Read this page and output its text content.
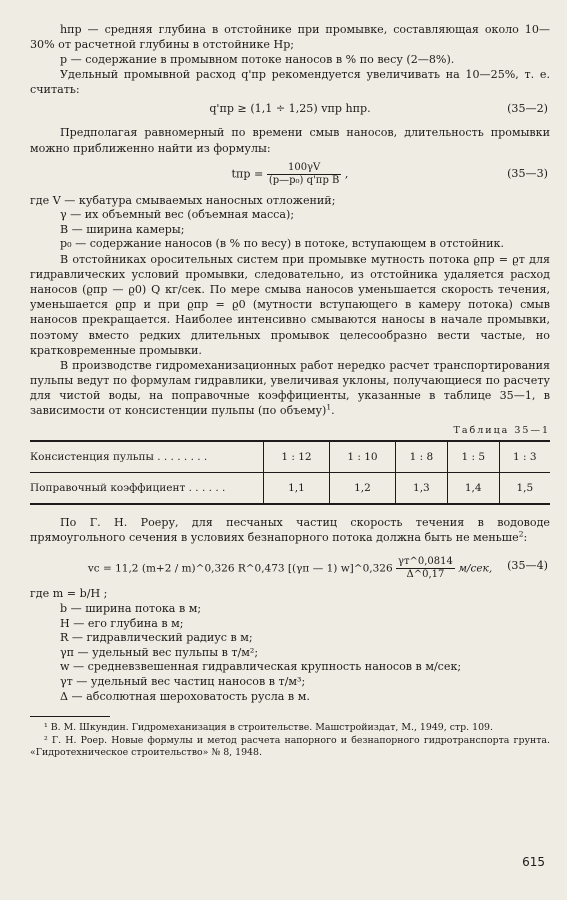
hпр — средняя глубина в отстойнике при промывке, составляющая около 10—30% от расчетной глубины в отстойнике Hр;

p — содержание в промывном потоке наносов в % по весу (2—8%).

Удельный промывной расход q'пр рекомендуется увеличивать на 10—25%, т. е. считать:

q'пр ≥ (1,1 ÷ 1,25) vпр hпр.	(35—2)

Предполагая равномерный по времени смыв наносов, длительность промывки можно приближенно найти из формулы:

tпр = $\frac{100\gamma V}{\text{(p—p₀) q'пр B}}$ ,	(35—3)
где V — кубатура смываемых наносных отложений;
γ — их объемный вес (объемная масса);
B — ширина камеры;
p₀ — содержание наносов (в % по весу) в потоке, вступающем в отстойник.

В отстойниках оросительных систем при промывке мутность потока ϱпр = ϱт для гидравлических условий промывки, следовательно, из отстойника удаляется расход наносов (ϱпр — ϱ0) Q кг/сек. По мере смыва наносов уменьшается скорость течения, уменьшается ϱпр и при ϱпр = ϱ0 (мутности вступающего в камеру потока) смыв наносов прекращается. Наиболее интенсивно смываются наносы в начале промывки, поэтому вместо редких длительных промывок целесообразно вести частые, но кратковременные промывки.

В производстве гидромеханизационных работ нередко расчет транспортирования пульпы ведут по формулам гидравлики, увеличивая уклоны, получающиеся по расчету для чистой воды, на поправочные коэффициенты, указанные в таблице 35—1, в зависимости от консистенции пульпы (по объему)$^1$.

Таблица 35—1
Консистенция пульпы . . . . . . . .	1 : 12	1 : 10	1 : 8	1 : 5	1 : 3
Поправочный коэффициент . . . . . .	1,1	1,2	1,3	1,4	1,5

По Г. Н. Роеру, для песчаных частиц скорость течения в водоводе прямоугольного сечения в условиях безнапорного потока должна быть не меньше$^2$:

vс = 11,2 (m+2 / m)^0,326 R^0,473 [(γп — 1) w]^0,326 $\frac{\gamma т\^{}0,0814}{\Delta\^{}0,17} м/сек$,	(35—4)
где m = b/H ;
b — ширина потока в м;
H — его глубина в м;
R — гидравлический радиус в м;
γп — удельный вес пульпы в т/м²;
w — средневзвешенная гидравлическая крупность наносов в м/сек;
γт — удельный вес частиц наносов в т/м³;
Δ — абсолютная шероховатость русла в м.
¹ В. М. Шкундин. Гидромеханизация в строительстве. Машстройиздат, М., 1949, стр. 109.
² Г. Н. Роер. Новые формулы и метод расчета напорного и безнапорного гидротранспорта грунта. «Гидротехническое строительство» № 8, 1948.
615
